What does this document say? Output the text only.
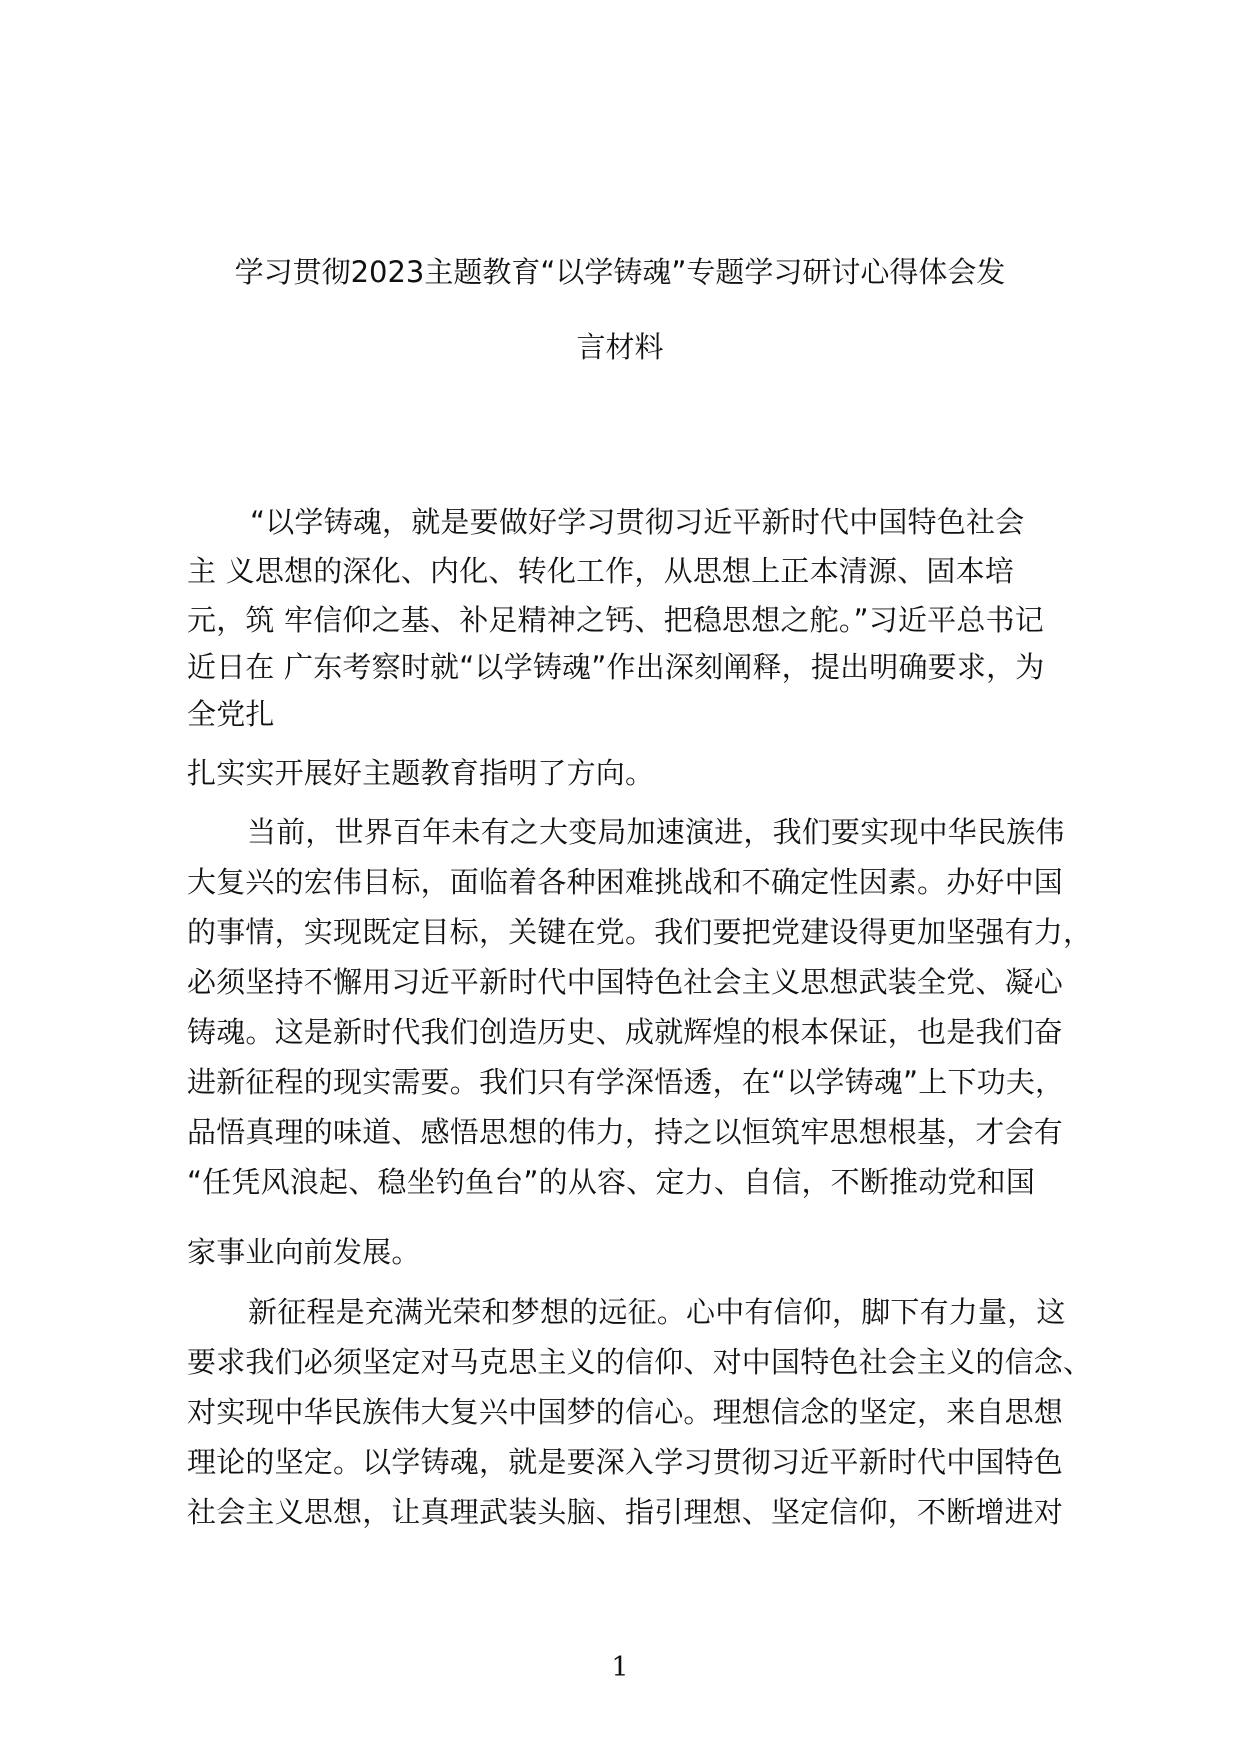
学习贯彻2023主题教育“以学铸魂”专题学习研讨心得体会发
言材料
“以学铸魂，就是要做好学习贯彻习近平新时代中国特色社会
主 义思想的深化、内化、转化工作，从思想上正本清源、固本培
元，筑 牢信仰之基、补足精神之钙、把稳思想之舵。”习近平总书记
近日在 广东考察时就“以学铸魂”作出深刻阐释，提出明确要求，为
全党扎
扎实实开展好主题教育指明了方向。
当前，世界百年未有之大变局加速演进，我们要实现中华民族伟
大复兴的宏伟目标，面临着各种困难挑战和不确定性因素。办好中国
的事情，实现既定目标，关键在党。我们要把党建设得更加坚强有力，
必须坚持不懈用习近平新时代中国特色社会主义思想武装全党、凝心
铸魂。这是新时代我们创造历史、成就辉煌的根本保证，也是我们奋
进新征程的现实需要。我们只有学深悟透，在“以学铸魂”上下功夫，
品悟真理的味道、感悟思想的伟力，持之以恒筑牢思想根基，才会有
“任凭风浪起、稳坐钓鱼台”的从容、定力、自信，不断推动党和国
家事业向前发展。
新征程是充满光荣和梦想的远征。心中有信仰，脚下有力量，这
要求我们必须坚定对马克思主义的信仰、对中国特色社会主义的信念、
对实现中华民族伟大复兴中国梦的信心。理想信念的坚定，来自思想
理论的坚定。以学铸魂，就是要深入学习贯彻习近平新时代中国特色
社会主义思想，让真理武装头脑、指引理想、坚定信仰，不断增进对
1
